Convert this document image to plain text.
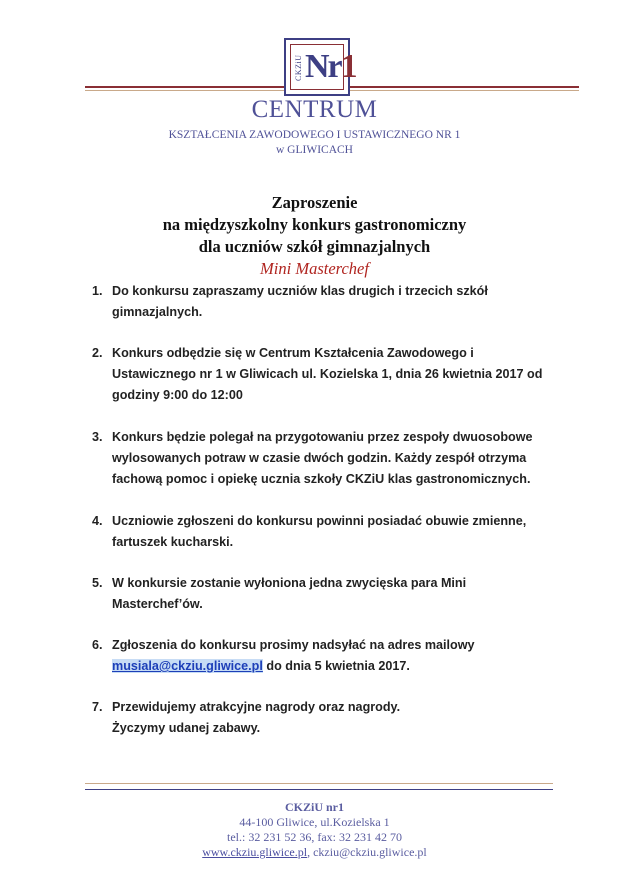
CKZiU Nr1
CENTRUM
KSZTAŁCENIA ZAWODOWEGO I USTAWICZNEGO NR 1
w GLIWICACH
Zaproszenie
na międzyszkolny konkurs gastronomiczny
dla uczniów szkół gimnazjalnych
Mini Masterchef
1. Do konkursu zapraszamy uczniów klas drugich i trzecich szkół
gimnazjalnych.
2. Konkurs odbędzie się w Centrum Kształcenia Zawodowego i
Ustawicznego nr 1 w Gliwicach ul. Kozielska 1, dnia 26 kwietnia 2017 od
godziny 9:00 do 12:00
3. Konkurs będzie polegał na przygotowaniu przez zespoły dwuosobowe
wylosowanych potraw w czasie dwóch godzin. Każdy zespół otrzyma
fachową pomoc i opiekę ucznia szkoły CKZiU klas gastronomicznych.
4. Uczniowie zgłoszeni do konkursu powinni posiadać obuwie zmienne,
fartuszek kucharski.
5. W konkursie zostanie wyłoniona jedna zwycięska para Mini
Masterchef’ów.
6. Zgłoszenia do konkursu prosimy nadsyłać na adres mailowy
musiala@ckziu.gliwice.pl do dnia 5 kwietnia 2017.
7. Przewidujemy atrakcyjne nagrody oraz nagrody.

Życzymy udanej zabawy.
CKZiU nr1
44-100 Gliwice, ul.Kozielska 1
tel.: 32 231 52 36, fax: 32 231 42 70
www.ckziu.gliwice.pl, ckziu@ckziu.gliwice.pl
